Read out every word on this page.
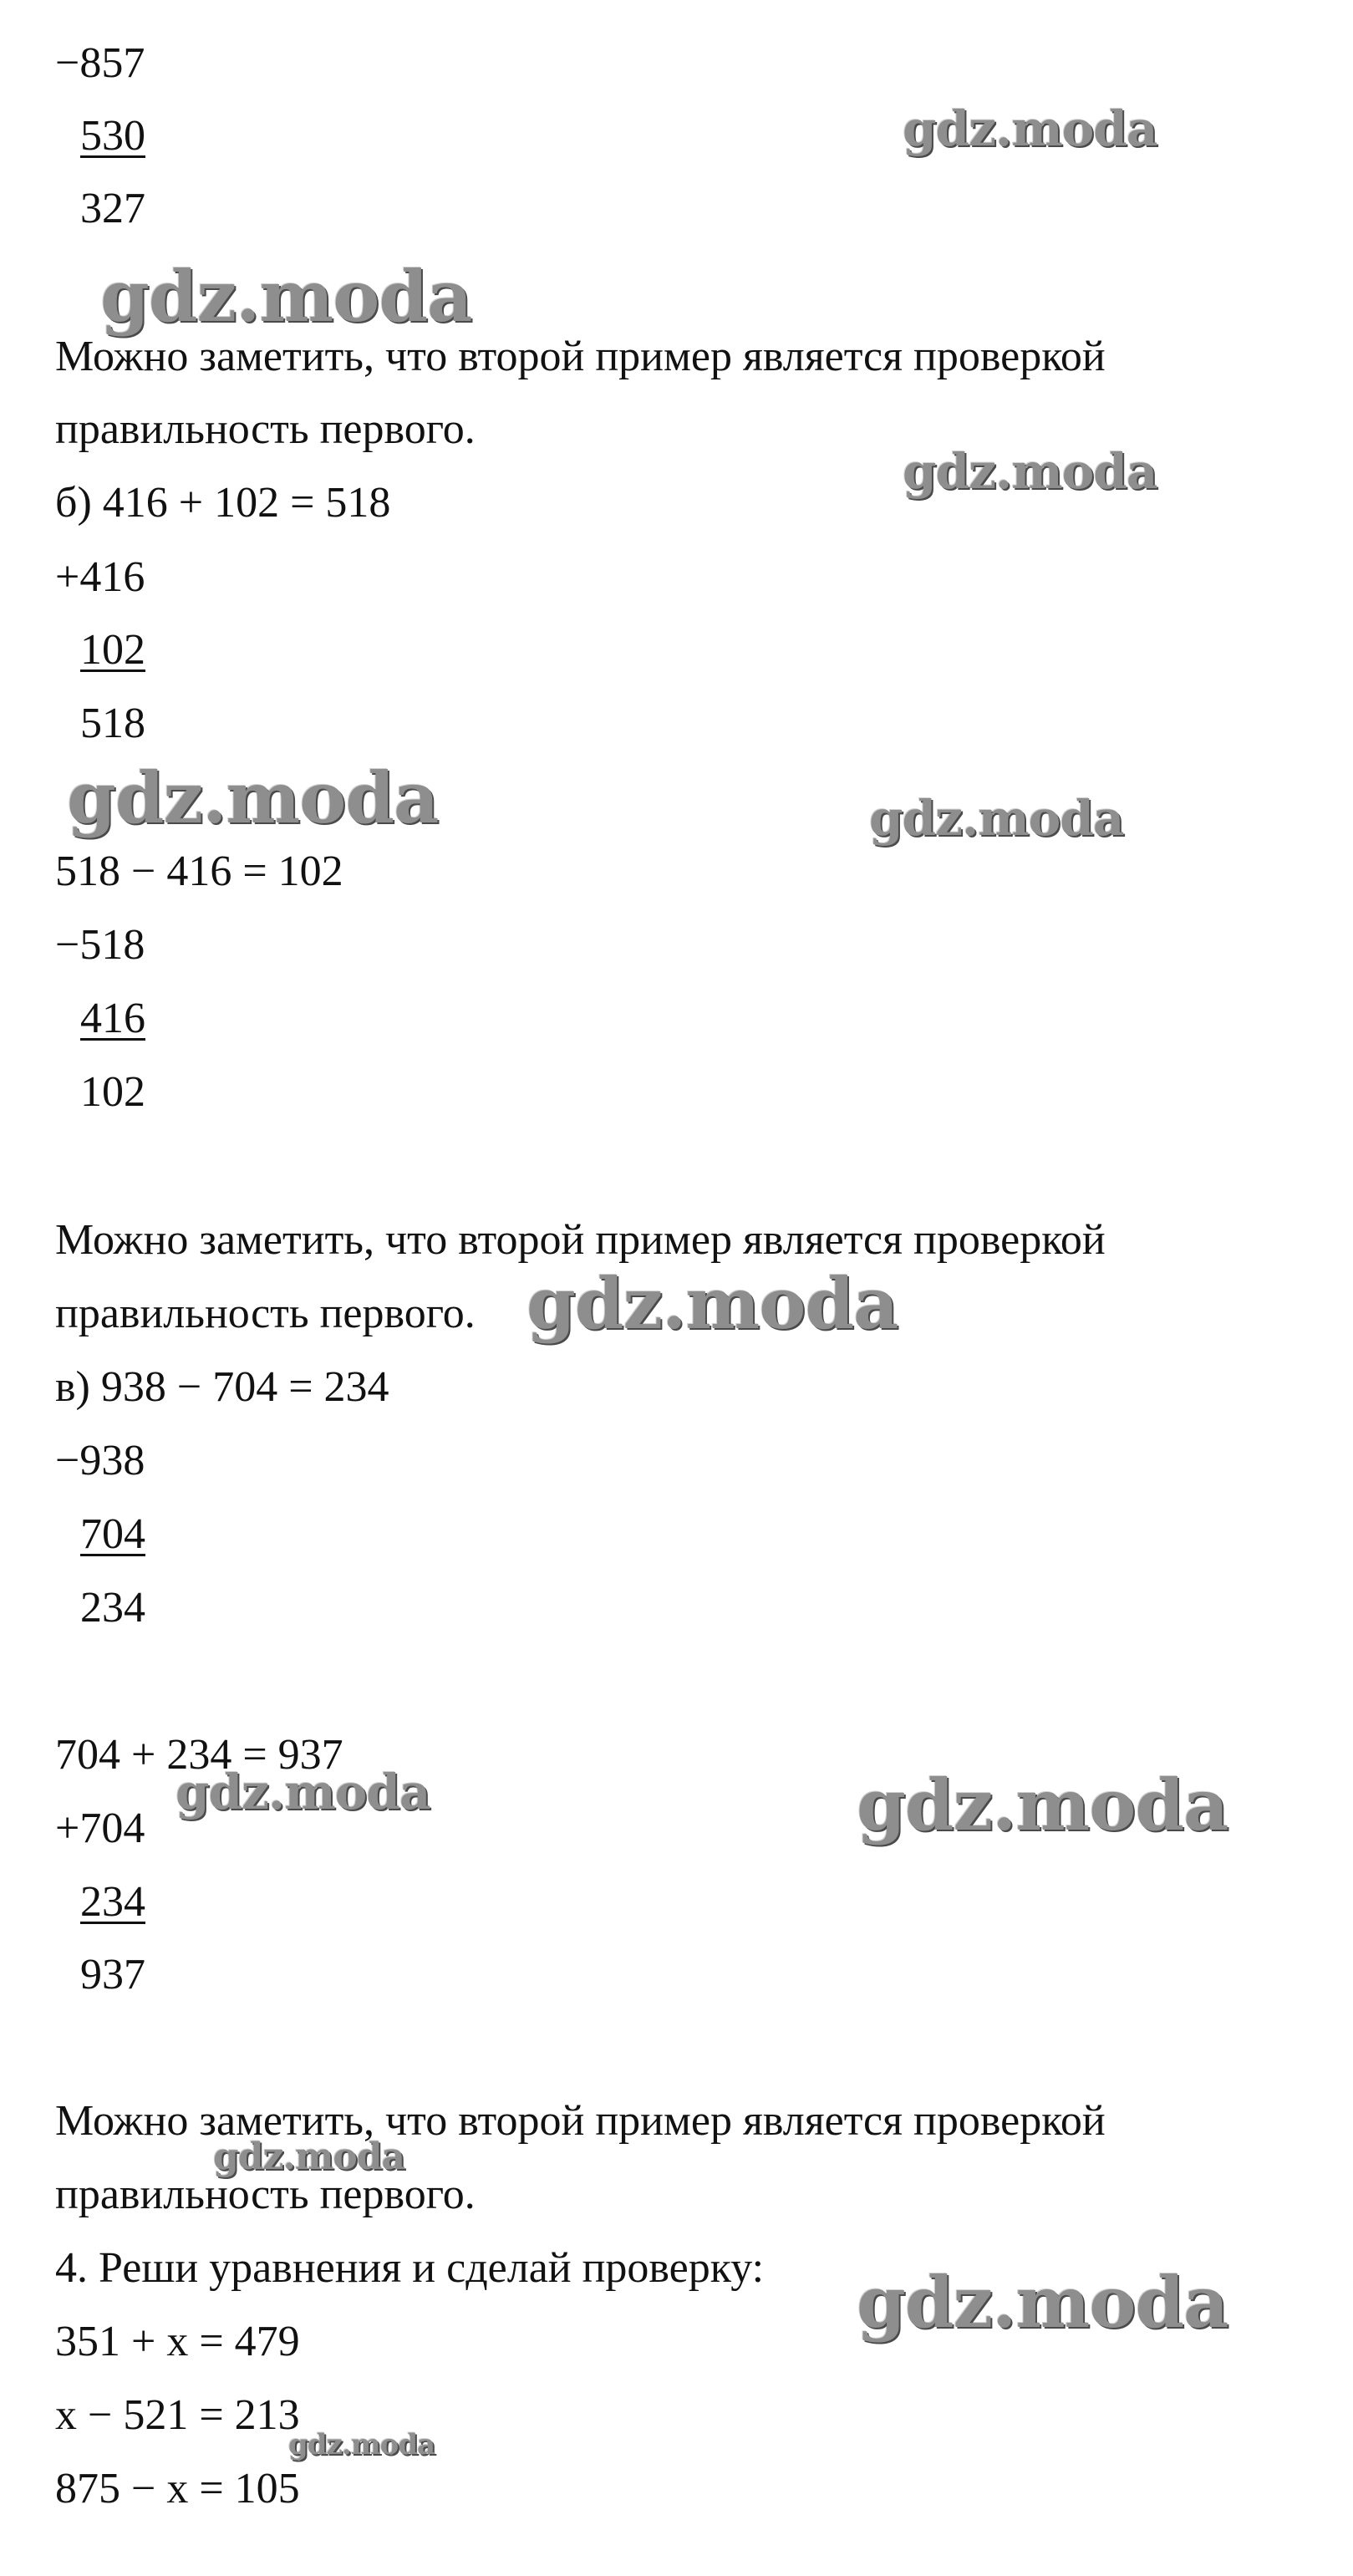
−857
530
327
Можно заметить, что второй пример является проверкой
правильность первого.
б) 416 + 102 = 518
+416
102
518
518 − 416 = 102
−518
416
102
Можно заметить, что второй пример является проверкой
правильность первого.
в) 938 − 704 = 234
−938
704
234
704 + 234 = 937
+704
234
937
Можно заметить, что второй пример является проверкой
правильность первого.
4. Реши уравнения и сделай проверку:
351 + x = 479
x − 521 = 213
875 − x = 105
gdz.moda
gdz.moda
gdz.moda
gdz.moda	gdz.moda
gdz.moda
gdz.moda	gdz.moda
gdz.moda
gdz.moda
gdz.moda
